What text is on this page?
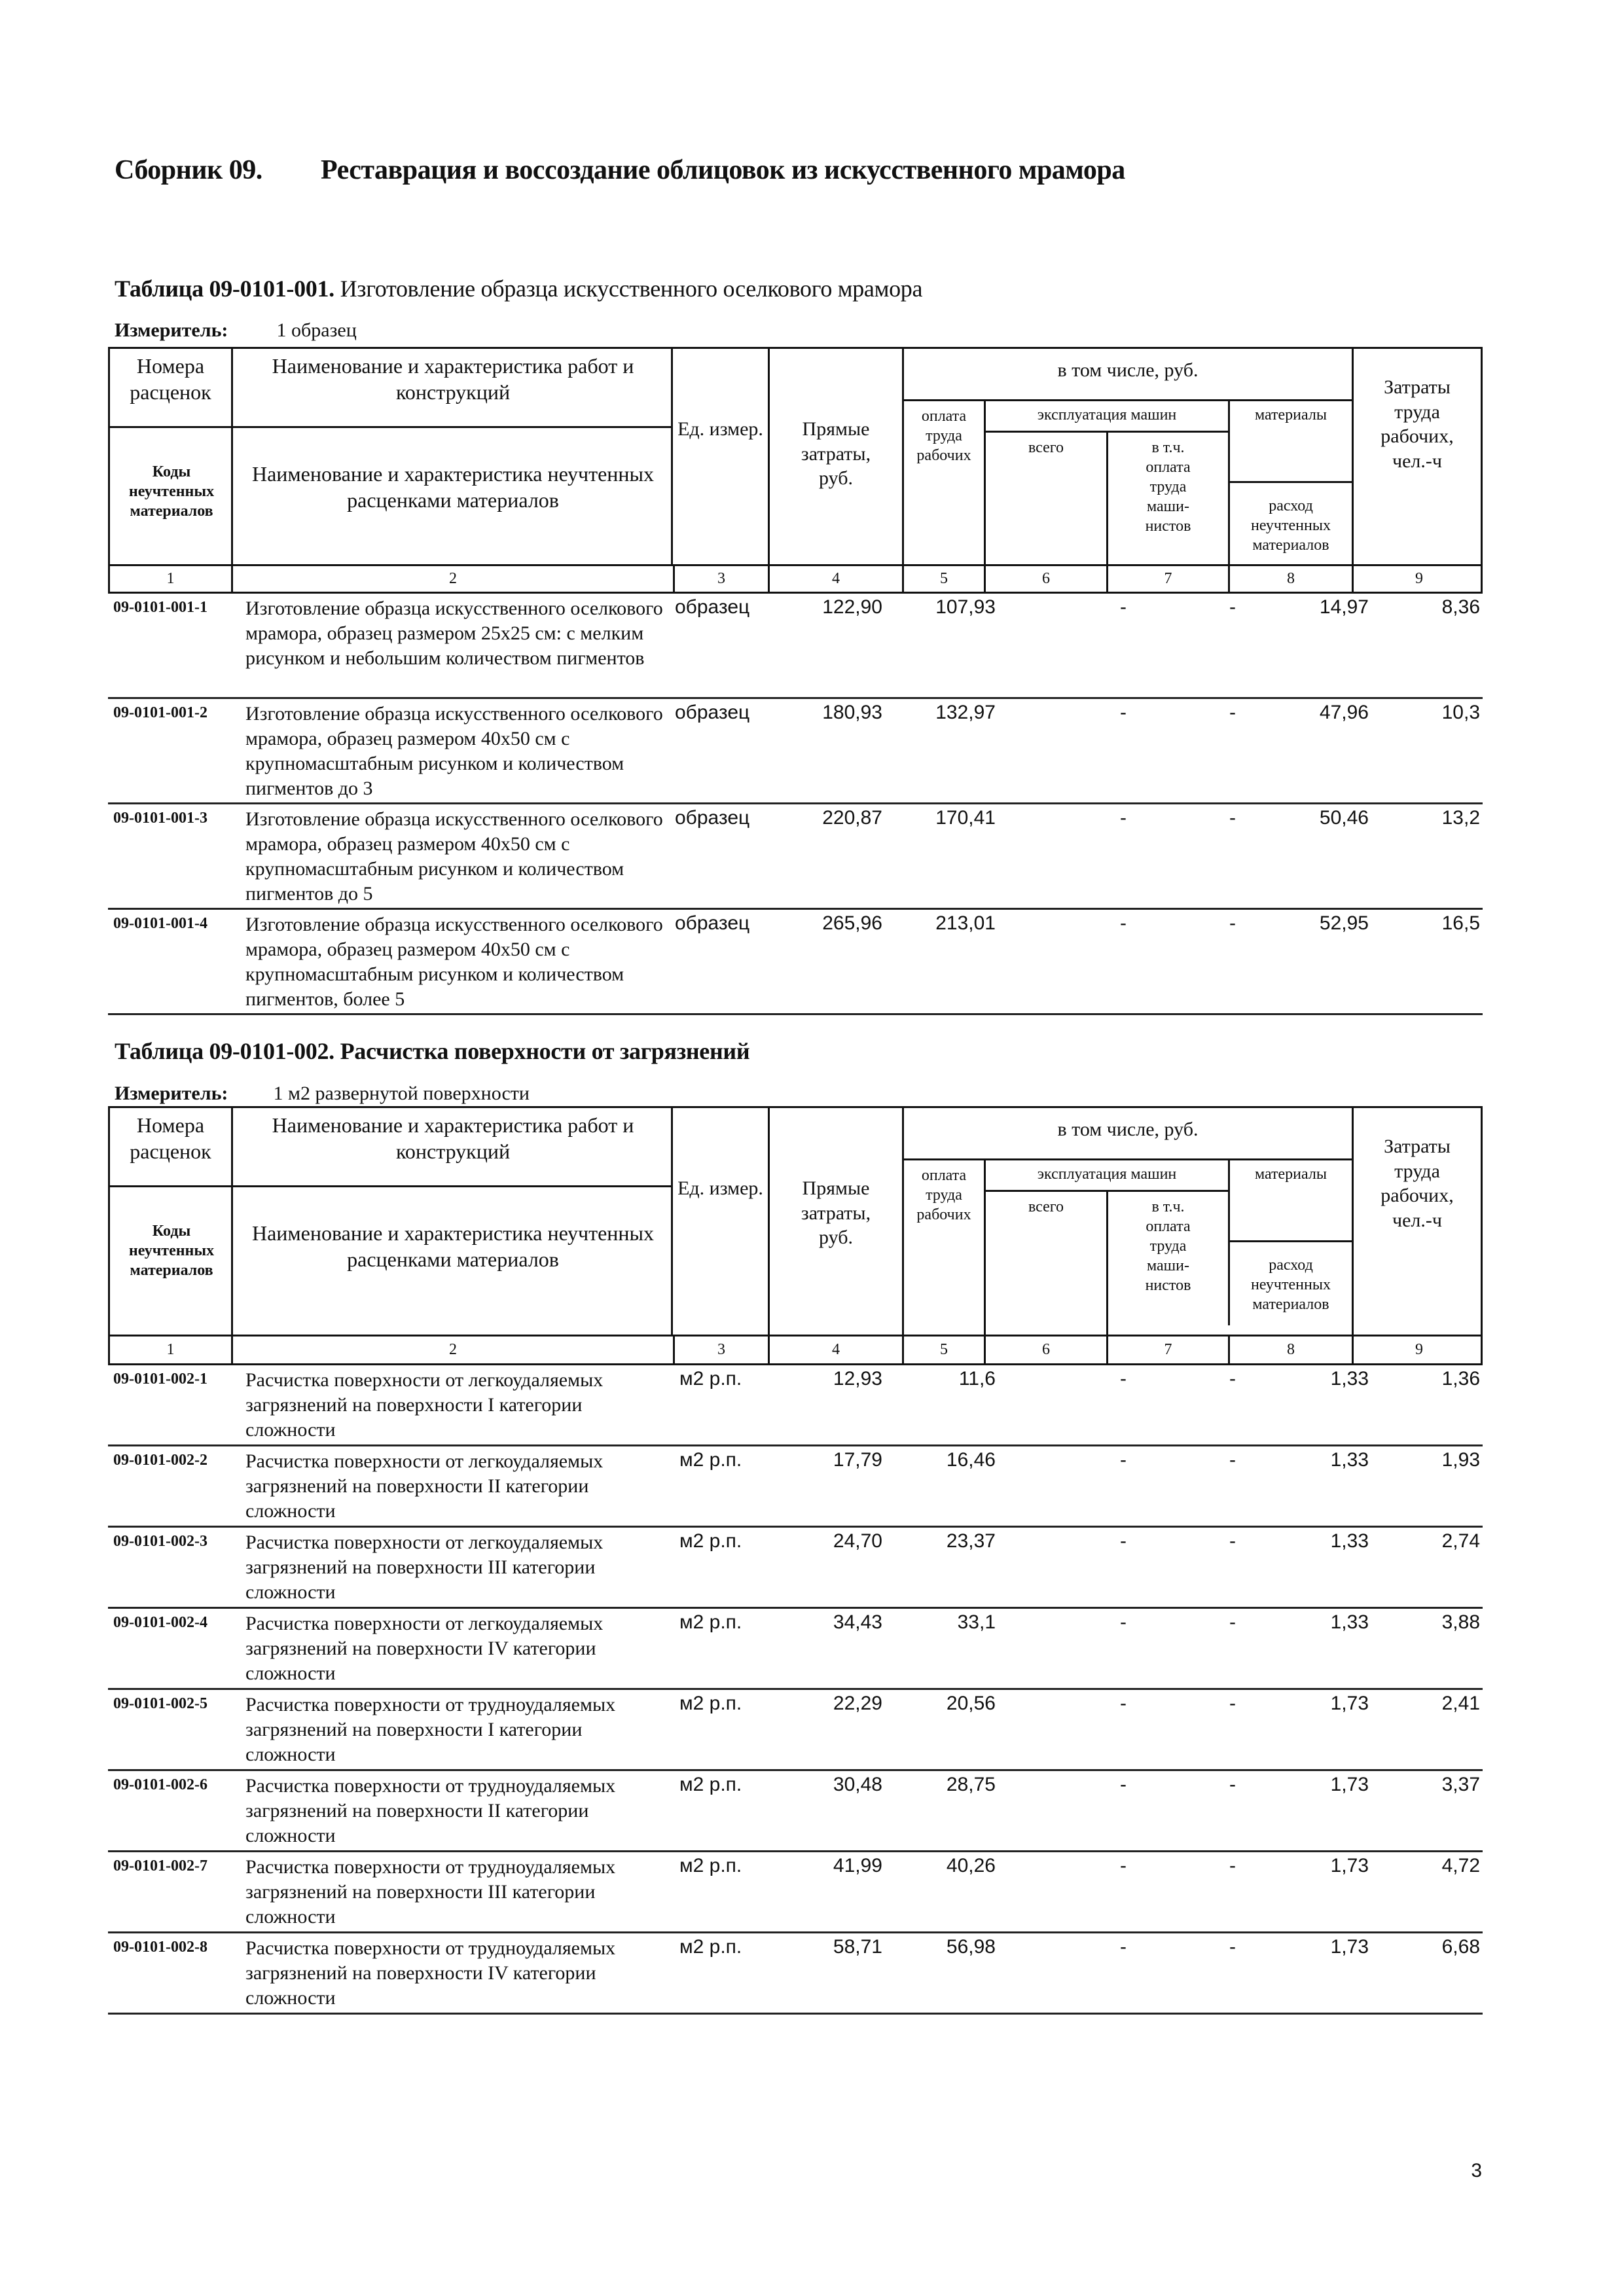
Сборник 09. Реставрация и воссоздание облицовок из искусственного мрамора
Таблица 09-0101-001. Изготовление образца искусственного оселкового мрамора
Измеритель: 1 образец
Номера расценок
Наименование и характеристика работ и конструкций
Коды неучтенных материалов
Наименование и характеристика неучтенных расценками материалов
Ед. измер.	Прямые затраты, руб.
в том числе, руб.
оплата труда рабочих
эксплуатация машин
всего	в т.ч. оплата труда маши-нистов
материалы
расход неучтенных материалов
Затраты труда рабочих, чел.-ч
1	2	3	4	5	6	7	8	9
09-0101-001-1 Изготовление образца искусственного оселкового мрамора, образец размером 25x25 см: с мелким рисунком и небольшим количеством пигментов
образец	122,90	107,93	-	-	14,97	8,36
09-0101-001-2 Изготовление образца искусственного оселкового мрамора, образец размером 40x50 см с крупномасштабным рисунком и количеством пигментов до 3
образец	180,93	132,97	-	-	47,96	10,3
09-0101-001-3 Изготовление образца искусственного оселкового мрамора, образец размером 40x50 см с крупномасштабным рисунком и количеством пигментов до 5
образец	220,87	170,41	-	-	50,46	13,2
09-0101-001-4 Изготовление образца искусственного оселкового мрамора, образец размером 40x50 см с крупномасштабным рисунком и количеством пигментов, более 5
образец	265,96	213,01	-	-	52,95	16,5
Таблица 09-0101-002. Расчистка поверхности от загрязнений
Измеритель: 1 м2 развернутой поверхности
Номера расценок
Наименование и характеристика работ и конструкций
Коды неучтенных материалов
Наименование и характеристика неучтенных расценками материалов
Ед. измер.	Прямые затраты, руб.
в том числе, руб.
оплата труда рабочих
эксплуатация машин
всего	в т.ч. оплата труда маши-нистов
материалы
расход неучтенных материалов
Затраты труда рабочих, чел.-ч
1	2	3	4	5	6	7	8	9
09-0101-002-1 Расчистка поверхности от легкоудаляемых загрязнений на поверхности I категории сложности
м2 р.п.	12,93	11,6	-	-	1,33	1,36
09-0101-002-2 Расчистка поверхности от легкоудаляемых загрязнений на поверхности II категории сложности
м2 р.п.	17,79	16,46	-	-	1,33	1,93
09-0101-002-3 Расчистка поверхности от легкоудаляемых загрязнений на поверхности III категории сложности
м2 р.п.	24,70	23,37	-	-	1,33	2,74
09-0101-002-4 Расчистка поверхности от легкоудаляемых загрязнений на поверхности IV категории сложности
м2 р.п.	34,43	33,1	-	-	1,33	3,88
09-0101-002-5 Расчистка поверхности от трудноудаляемых загрязнений на поверхности I категории сложности
м2 р.п.	22,29	20,56	-	-	1,73	2,41
09-0101-002-6 Расчистка поверхности от трудноудаляемых загрязнений на поверхности II категории сложности
м2 р.п.	30,48	28,75	-	-	1,73	3,37
09-0101-002-7 Расчистка поверхности от трудноудаляемых загрязнений на поверхности III категории сложности
м2 р.п.	41,99	40,26	-	-	1,73	4,72
09-0101-002-8 Расчистка поверхности от трудноудаляемых загрязнений на поверхности IV категории сложности
м2 р.п.	58,71	56,98	-	-	1,73	6,68
3
